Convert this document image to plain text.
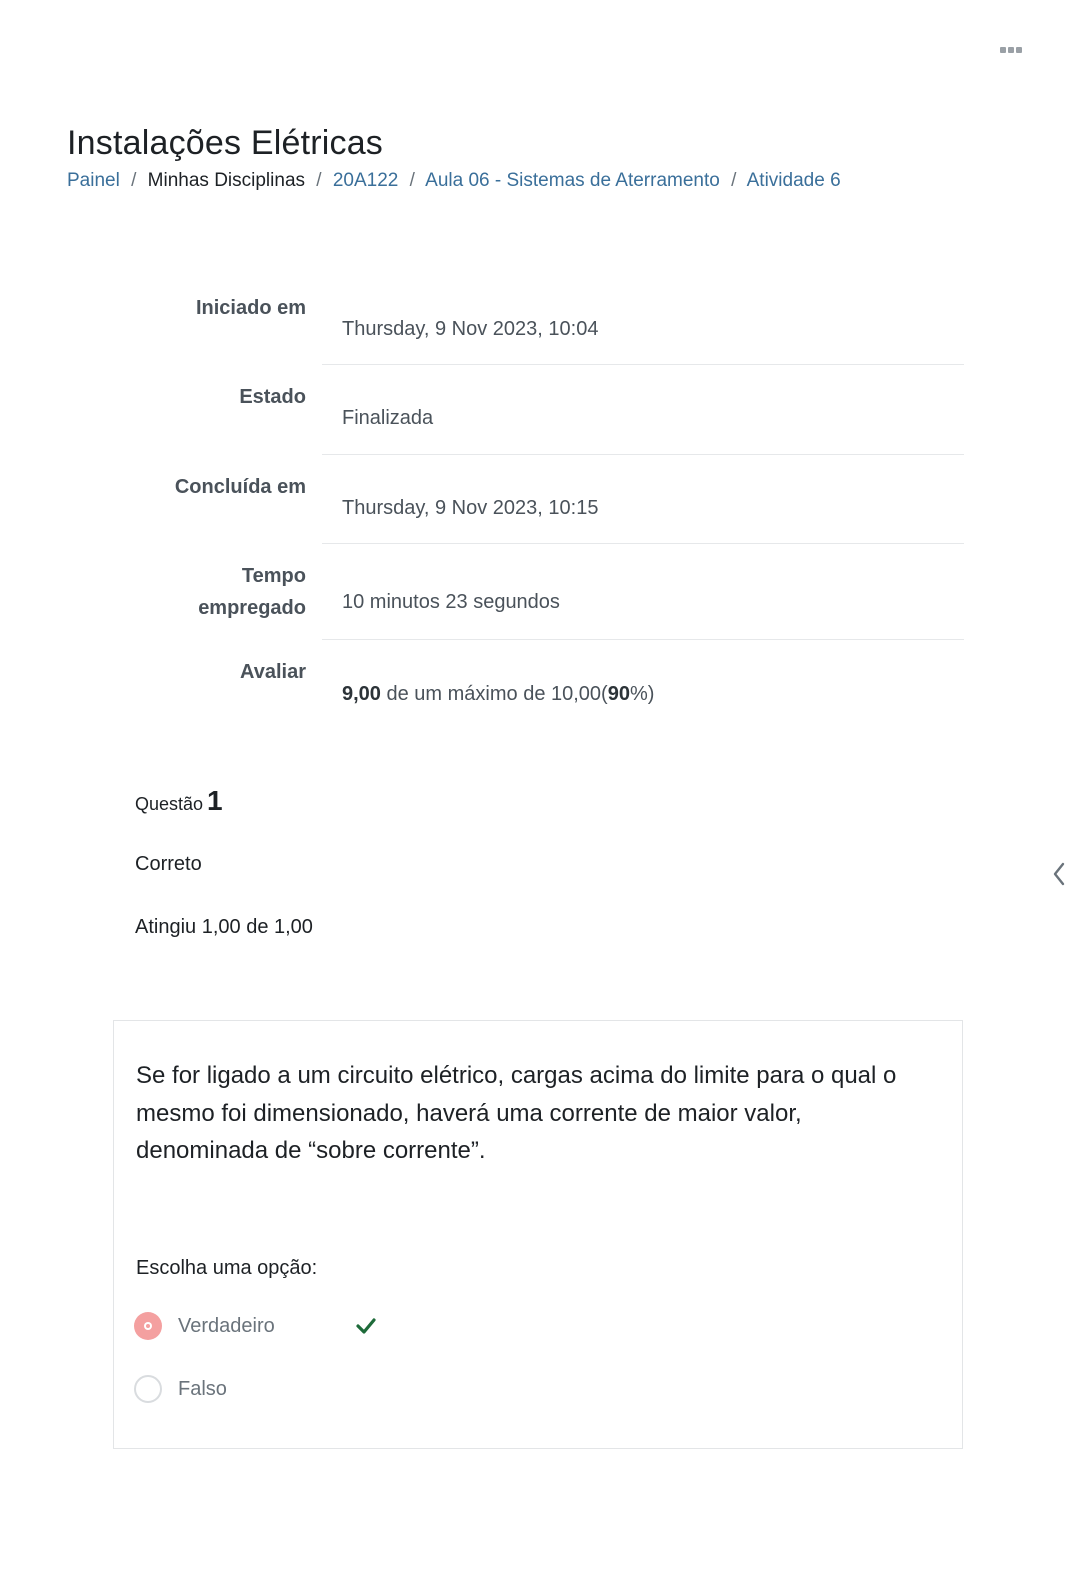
Instalações Elétricas
Painel / Minhas Disciplinas / 20A122 / Aula 06 - Sistemas de Aterramento / Atividade 6
Iniciado em
Thursday, 9 Nov 2023, 10:04
Estado
Finalizada
Concluída em
Thursday, 9 Nov 2023, 10:15
Tempo
empregado 10 minutos 23 segundos
Avaliar
9,00 de um máximo de 10,00(90%)
Questão 1
Correto
Atingiu 1,00 de 1,00

Se for ligado a um circuito elétrico, cargas acima do limite para o qual o mesmo foi dimensionado, haverá uma corrente de maior valor, denominada de “sobre corrente”.

Escolha uma opção:
Verdadeiro
Falso
